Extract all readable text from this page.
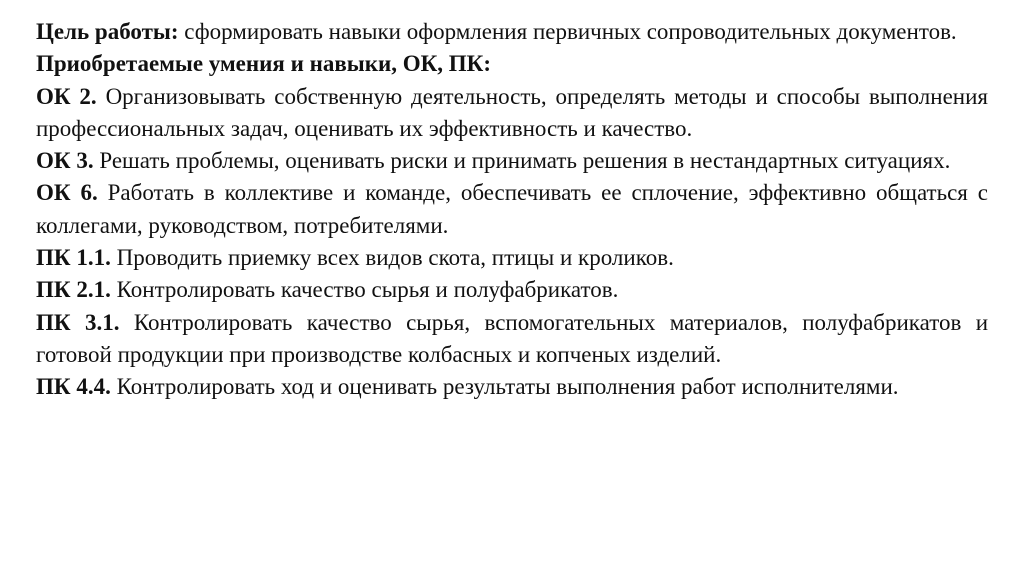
Цель работы: сформировать навыки оформления первичных сопроводительных документов.

Приобретаемые умения и навыки, ОК, ПК:

ОК 2. Организовывать собственную деятельность, определять методы и способы выполнения профессиональных задач, оценивать их эффективность и качество.

ОК 3. Решать проблемы, оценивать риски и принимать решения в нестандартных ситуациях.

ОК 6. Работать в коллективе и команде, обеспечивать ее сплочение, эффективно общаться с коллегами, руководством, потребителями.

ПК 1.1. Проводить приемку всех видов скота, птицы и кроликов.

ПК 2.1. Контролировать качество сырья и полуфабрикатов.

ПК 3.1. Контролировать качество сырья, вспомогательных материалов, полуфабрикатов и готовой продукции при производстве колбасных и копченых изделий.

ПК 4.4. Контролировать ход и оценивать результаты выполнения работ исполнителями.
